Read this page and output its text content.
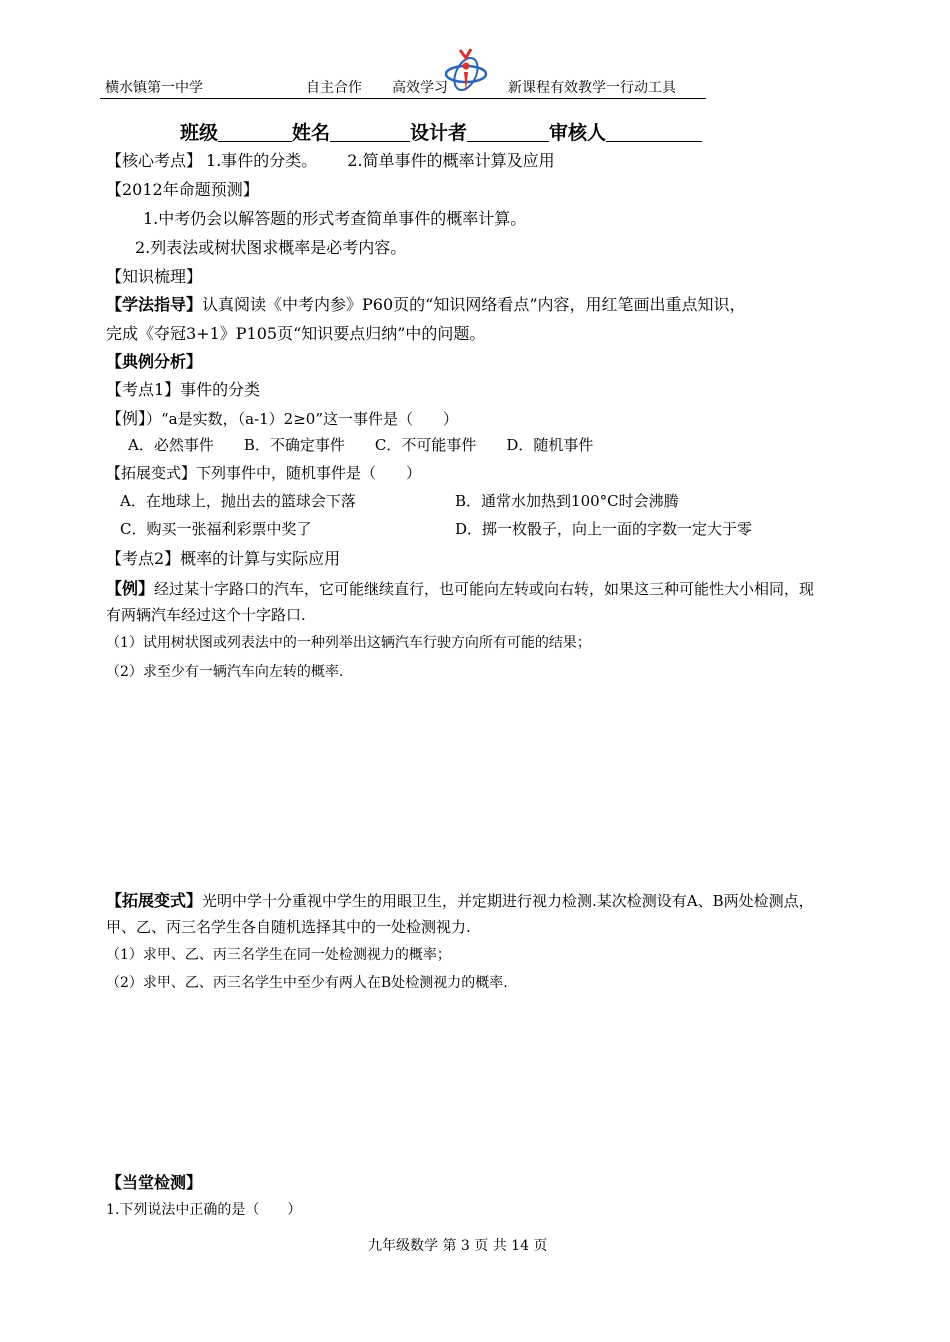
横水镇第一中学	自主合作 高效学习	新课程有效教学一行动工具
班级	姓名	设计者	审核人
【核心考点】 1.事件的分类。 2.简单事件的概率计算及应用
【2012年命题预测】
1.中考仍会以解答题的形式考查简单事件的概率计算。
2.列表法或树状图求概率是必考内容。
【知识梳理】
【学法指导】认真阅读《中考内参》P60页的“知识网络看点”内容，用红笔画出重点知识，
完成《夺冠3+1》P105页“知识要点归纳”中的问题。
【典例分析】
【考点1】事件的分类
【例】）“a是实数，（a-1）2≥0”这一事件是（　　）
A．必然事件　　B．不确定事件　　C．不可能事件　　D．随机事件
【拓展变式】下列事件中，随机事件是（　　）
A．在地球上，抛出去的篮球会下落	B．通常水加热到100°C时会沸腾
C．购买一张福利彩票中奖了	D．掷一枚骰子，向上一面的字数一定大于零
【考点2】概率的计算与实际应用
【例】经过某十字路口的汽车，它可能继续直行，也可能向左转或向右转，如果这三种可能性大小相同，现
有两辆汽车经过这个十字路口.
（1）试用树状图或列表法中的一种列举出这辆汽车行驶方向所有可能的结果；
（2）求至少有一辆汽车向左转的概率.
【拓展变式】光明中学十分重视中学生的用眼卫生，并定期进行视力检测.某次检测设有A、B两处检测点，
甲、乙、丙三名学生各自随机选择其中的一处检测视力.
（1）求甲、乙、丙三名学生在同一处检测视力的概率；
（2）求甲、乙、丙三名学生中至少有两人在B处检测视力的概率.
【当堂检测】
1.下列说法中正确的是（　　）
九年级数学 第 3 页 共 14 页
